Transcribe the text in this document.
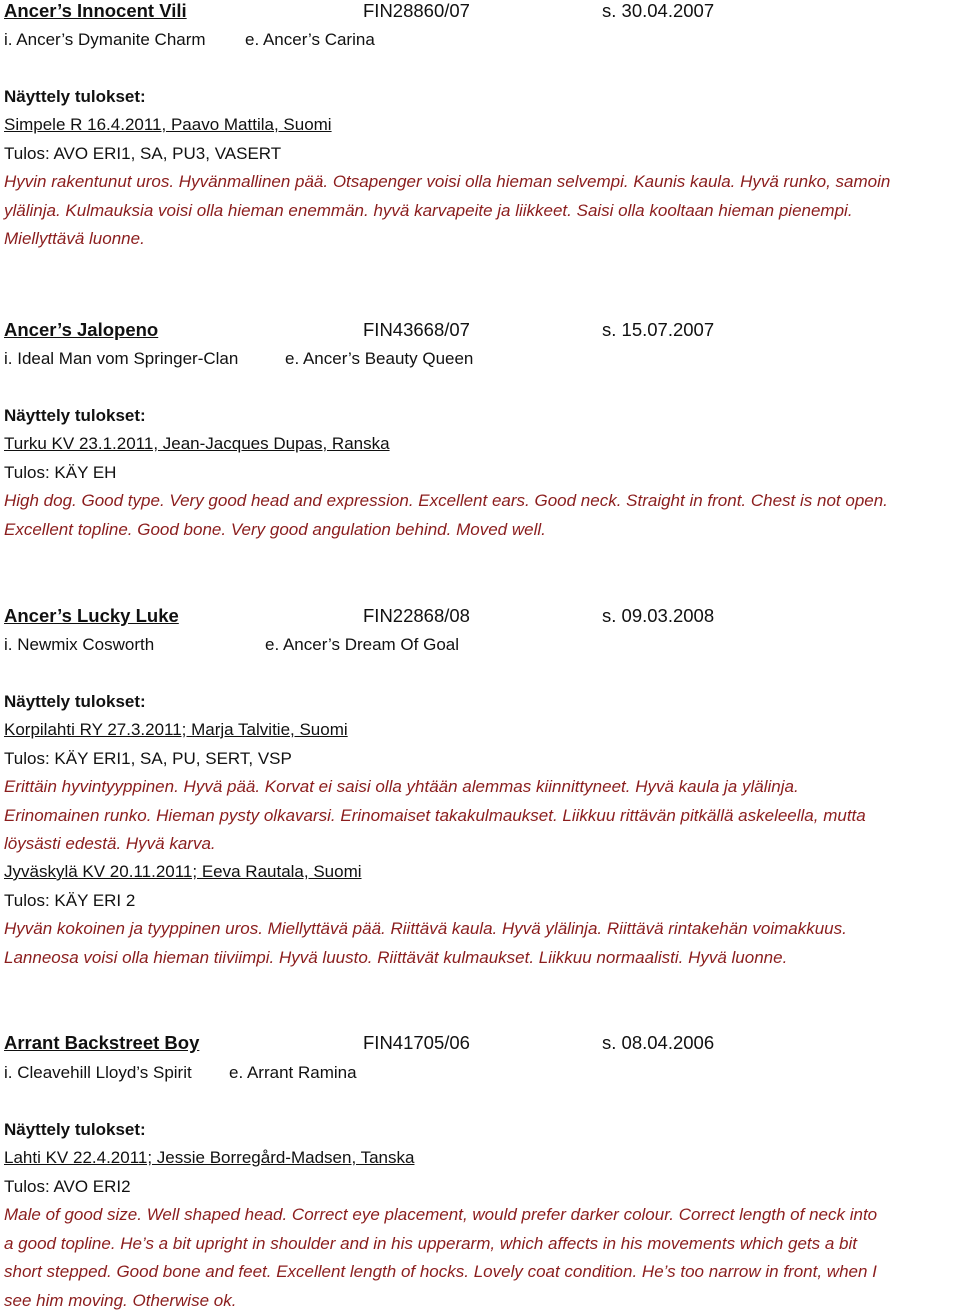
Ancer’s Innocent Vili	FIN28860/07	s. 30.04.2007
i. Ancer’s Dymanite Charm e. Ancer’s Carina
Näyttely tulokset:
Simpele R 16.4.2011, Paavo Mattila, Suomi
Tulos: AVO ERI1, SA, PU3, VASERT
Hyvin rakentunut uros. Hyvänmallinen pää. Otsapenger voisi olla hieman selvempi. Kaunis kaula. Hyvä runko, samoin
ylälinja. Kulmauksia voisi olla hieman enemmän. hyvä karvapeite ja liikkeet. Saisi olla kooltaan hieman pienempi.
Miellyttävä luonne.
Ancer’s Jalopeno	FIN43668/07	s. 15.07.2007
i. Ideal Man vom Springer-Clan	e. Ancer’s Beauty Queen
Näyttely tulokset:
Turku KV 23.1.2011, Jean-Jacques Dupas, Ranska
Tulos: KÄY EH
High dog. Good type. Very good head and expression. Excellent ears. Good neck. Straight in front. Chest is not open.
Excellent topline. Good bone. Very good angulation behind. Moved well.
Ancer’s Lucky Luke	FIN22868/08	s. 09.03.2008
i. Newmix Cosworth	e. Ancer’s Dream Of Goal
Näyttely tulokset:
Korpilahti RY 27.3.2011; Marja Talvitie, Suomi
Tulos: KÄY ERI1, SA, PU, SERT, VSP
Erittäin hyvintyyppinen. Hyvä pää. Korvat ei saisi olla yhtään alemmas kiinnittyneet. Hyvä kaula ja ylälinja.
Erinomainen runko. Hieman pysty olkavarsi. Erinomaiset takakulmaukset. Liikkuu rittävän pitkällä askeleella, mutta
löysästi edestä. Hyvä karva.
Jyväskylä KV 20.11.2011; Eeva Rautala, Suomi
Tulos: KÄY ERI 2
Hyvän kokoinen ja tyyppinen uros. Miellyttävä pää. Riittävä kaula. Hyvä ylälinja. Riittävä rintakehän voimakkuus.
Lanneosa voisi olla hieman tiiviimpi. Hyvä luusto. Riittävät kulmaukset. Liikkuu normaalisti. Hyvä luonne.
Arrant Backstreet Boy	FIN41705/06	s. 08.04.2006
i. Cleavehill Lloyd’s Spirit e. Arrant Ramina
Näyttely tulokset:
Lahti KV 22.4.2011; Jessie Borregård-Madsen, Tanska
Tulos: AVO ERI2
Male of good size. Well shaped head. Correct eye placement, would prefer darker colour. Correct length of neck into
a good topline. He’s a bit upright in shoulder and in his upperarm, which affects in his movements which gets a bit
short stepped. Good bone and feet. Excellent length of hocks. Lovely coat condition. He’s too narrow in front, when I
see him moving. Otherwise ok.
